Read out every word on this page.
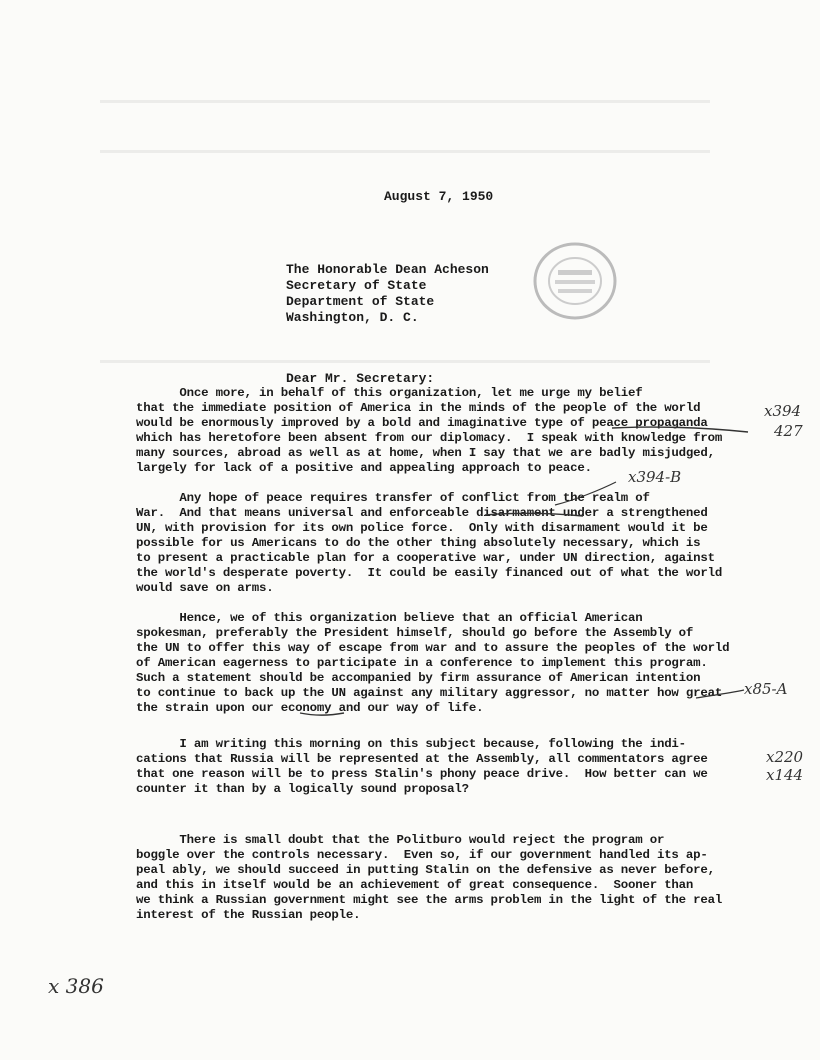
August 7, 1950
The Honorable Dean Acheson
Secretary of State
Department of State
Washington, D. C.
Dear Mr. Secretary:
Once more, in behalf of this organization, let me urge my belief
that the immediate position of America in the minds of the people of the world
would be enormously improved by a bold and imaginative type of peace propaganda
which has heretofore been absent from our diplomacy.  I speak with knowledge from
many sources, abroad as well as at home, when I say that we are badly misjudged,
largely for lack of a positive and appealing approach to peace.
Any hope of peace requires transfer of conflict from the realm of
War.  And that means universal and enforceable disarmament under a strengthened
UN, with provision for its own police force.  Only with disarmament would it be
possible for us Americans to do the other thing absolutely necessary, which is
to present a practicable plan for a cooperative war, under UN direction, against
the world's desperate poverty.  It could be easily financed out of what the world
would save on arms.
Hence, we of this organization believe that an official American
spokesman, preferably the President himself, should go before the Assembly of
the UN to offer this way of escape from war and to assure the peoples of the world
of American eagerness to participate in a conference to implement this program.
Such a statement should be accompanied by firm assurance of American intention
to continue to back up the UN against any military aggressor, no matter how great
the strain upon our economy and our way of life.
I am writing this morning on this subject because, following the indi-
cations that Russia will be represented at the Assembly, all commentators agree
that one reason will be to press Stalin's phony peace drive.  How better can we
counter it than by a logically sound proposal?
There is small doubt that the Politburo would reject the program or
boggle over the controls necessary.  Even so, if our government handled its ap-
peal ably, we should succeed in putting Stalin on the defensive as never before,
and this in itself would be an achievement of great consequence.  Sooner than
we think a Russian government might see the arms problem in the light of the real
interest of the Russian people.
x394
427
x394-B
x85-A
x220
x144
x 386
